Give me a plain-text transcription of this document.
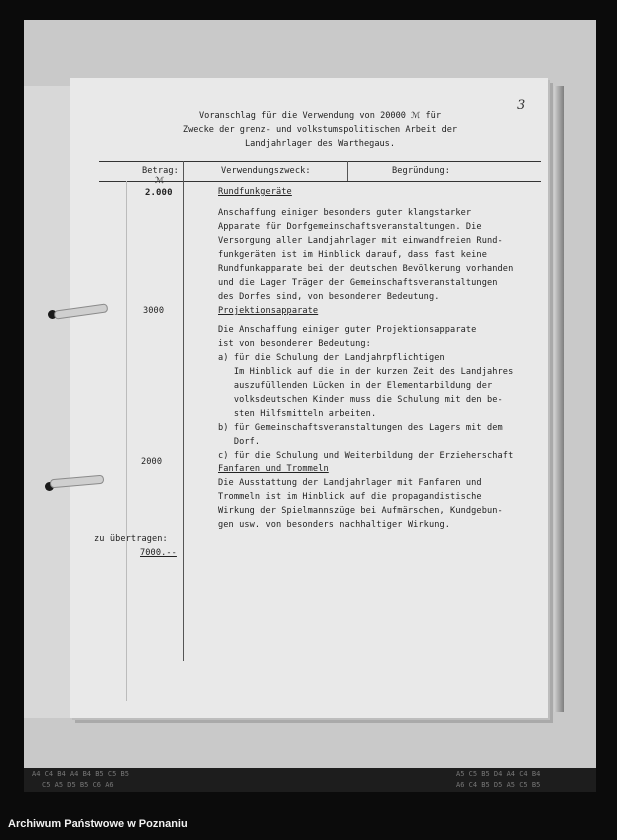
3
Voranschlag für die Verwendung von 20000 ℳ für
Zwecke der grenz- und volkstumspolitischen Arbeit der
Landjahrlager des Warthegaus.
Betrag:
ℳ
Verwendungszweck:	Begründung:
2.000
3000
2000
Rundfunkgeräte
Anschaffung einiger besonders guter klangstarker
Apparate für Dorfgemeinschaftsveranstaltungen. Die
Versorgung aller Landjahrlager mit einwandfreien Rund-
funkgeräten ist im Hinblick darauf, dass fast keine
Rundfunkapparate bei der deutschen Bevölkerung vorhanden
und die Lager Träger der Gemeinschaftsveranstaltungen
des Dorfes sind, von besonderer Bedeutung.
Projektionsapparate
Die Anschaffung einiger guter Projektionsapparate
ist von besonderer Bedeutung:
a) für die Schulung der Landjahrpflichtigen
Im Hinblick auf die in der kurzen Zeit des Landjahres
auszufüllenden Lücken in der Elementarbildung der
volksdeutschen Kinder muss die Schulung mit den be-
sten Hilfsmitteln arbeiten.
b) für Gemeinschaftsveranstaltungen des Lagers mit dem
Dorf.
c) für die Schulung und Weiterbildung der Erzieherschaft
Fanfaren und Trommeln
Die Ausstattung der Landjahrlager mit Fanfaren und
Trommeln ist im Hinblick auf die propagandistische
Wirkung der Spielmannszüge bei Aufmärschen, Kundgebun-
gen usw. von besonders nachhaltiger Wirkung.
zu übertragen:
7000.--
A4 C4 B4 A4 B4 B5 C5 B5
C5 A5 D5 B5 C6 A6
A5 C5 B5 D4 A4 C4 B4
A6 C4 B5 D5 A5 C5 B5
Archiwum Państwowe w Poznaniu
